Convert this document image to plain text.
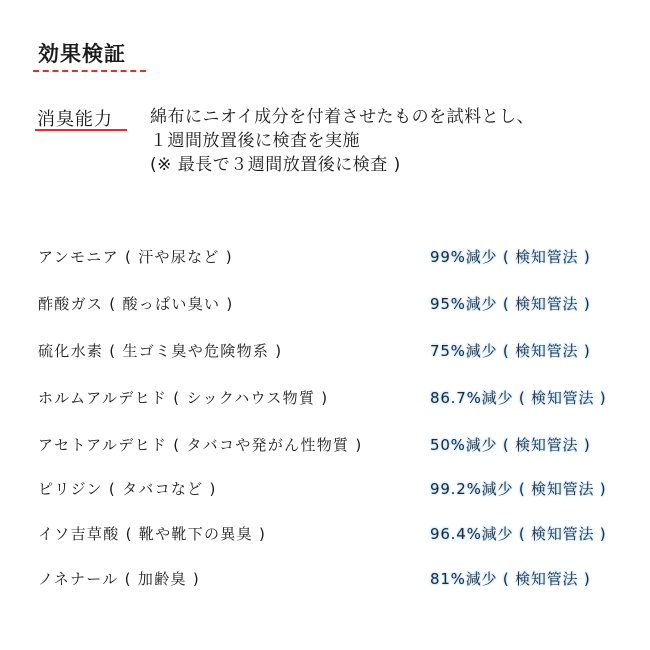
効果検証
消臭能力 綿布にニオイ成分を付着させたものを試料とし、
１週間放置後に検査を実施
(※ 最長で３週間放置後に検査 )
アンモニア ( 汗や尿など )	99%減少 ( 検知管法 )
酢酸ガス ( 酸っぱい臭い )	95%減少 ( 検知管法 )
硫化水素 ( 生ゴミ臭や危険物系 )	75%減少 ( 検知管法 )
ホルムアルデヒド ( シックハウス物質 )	86.7%減少 ( 検知管法 )
アセトアルデヒド ( タバコや発がん性物質 )	50%減少 ( 検知管法 )
ピリジン ( タバコなど )	99.2%減少 ( 検知管法 )
イソ吉草酸 ( 靴や靴下の異臭 )	96.4%減少 ( 検知管法 )
ノネナール ( 加齢臭 )	81%減少 ( 検知管法 )
